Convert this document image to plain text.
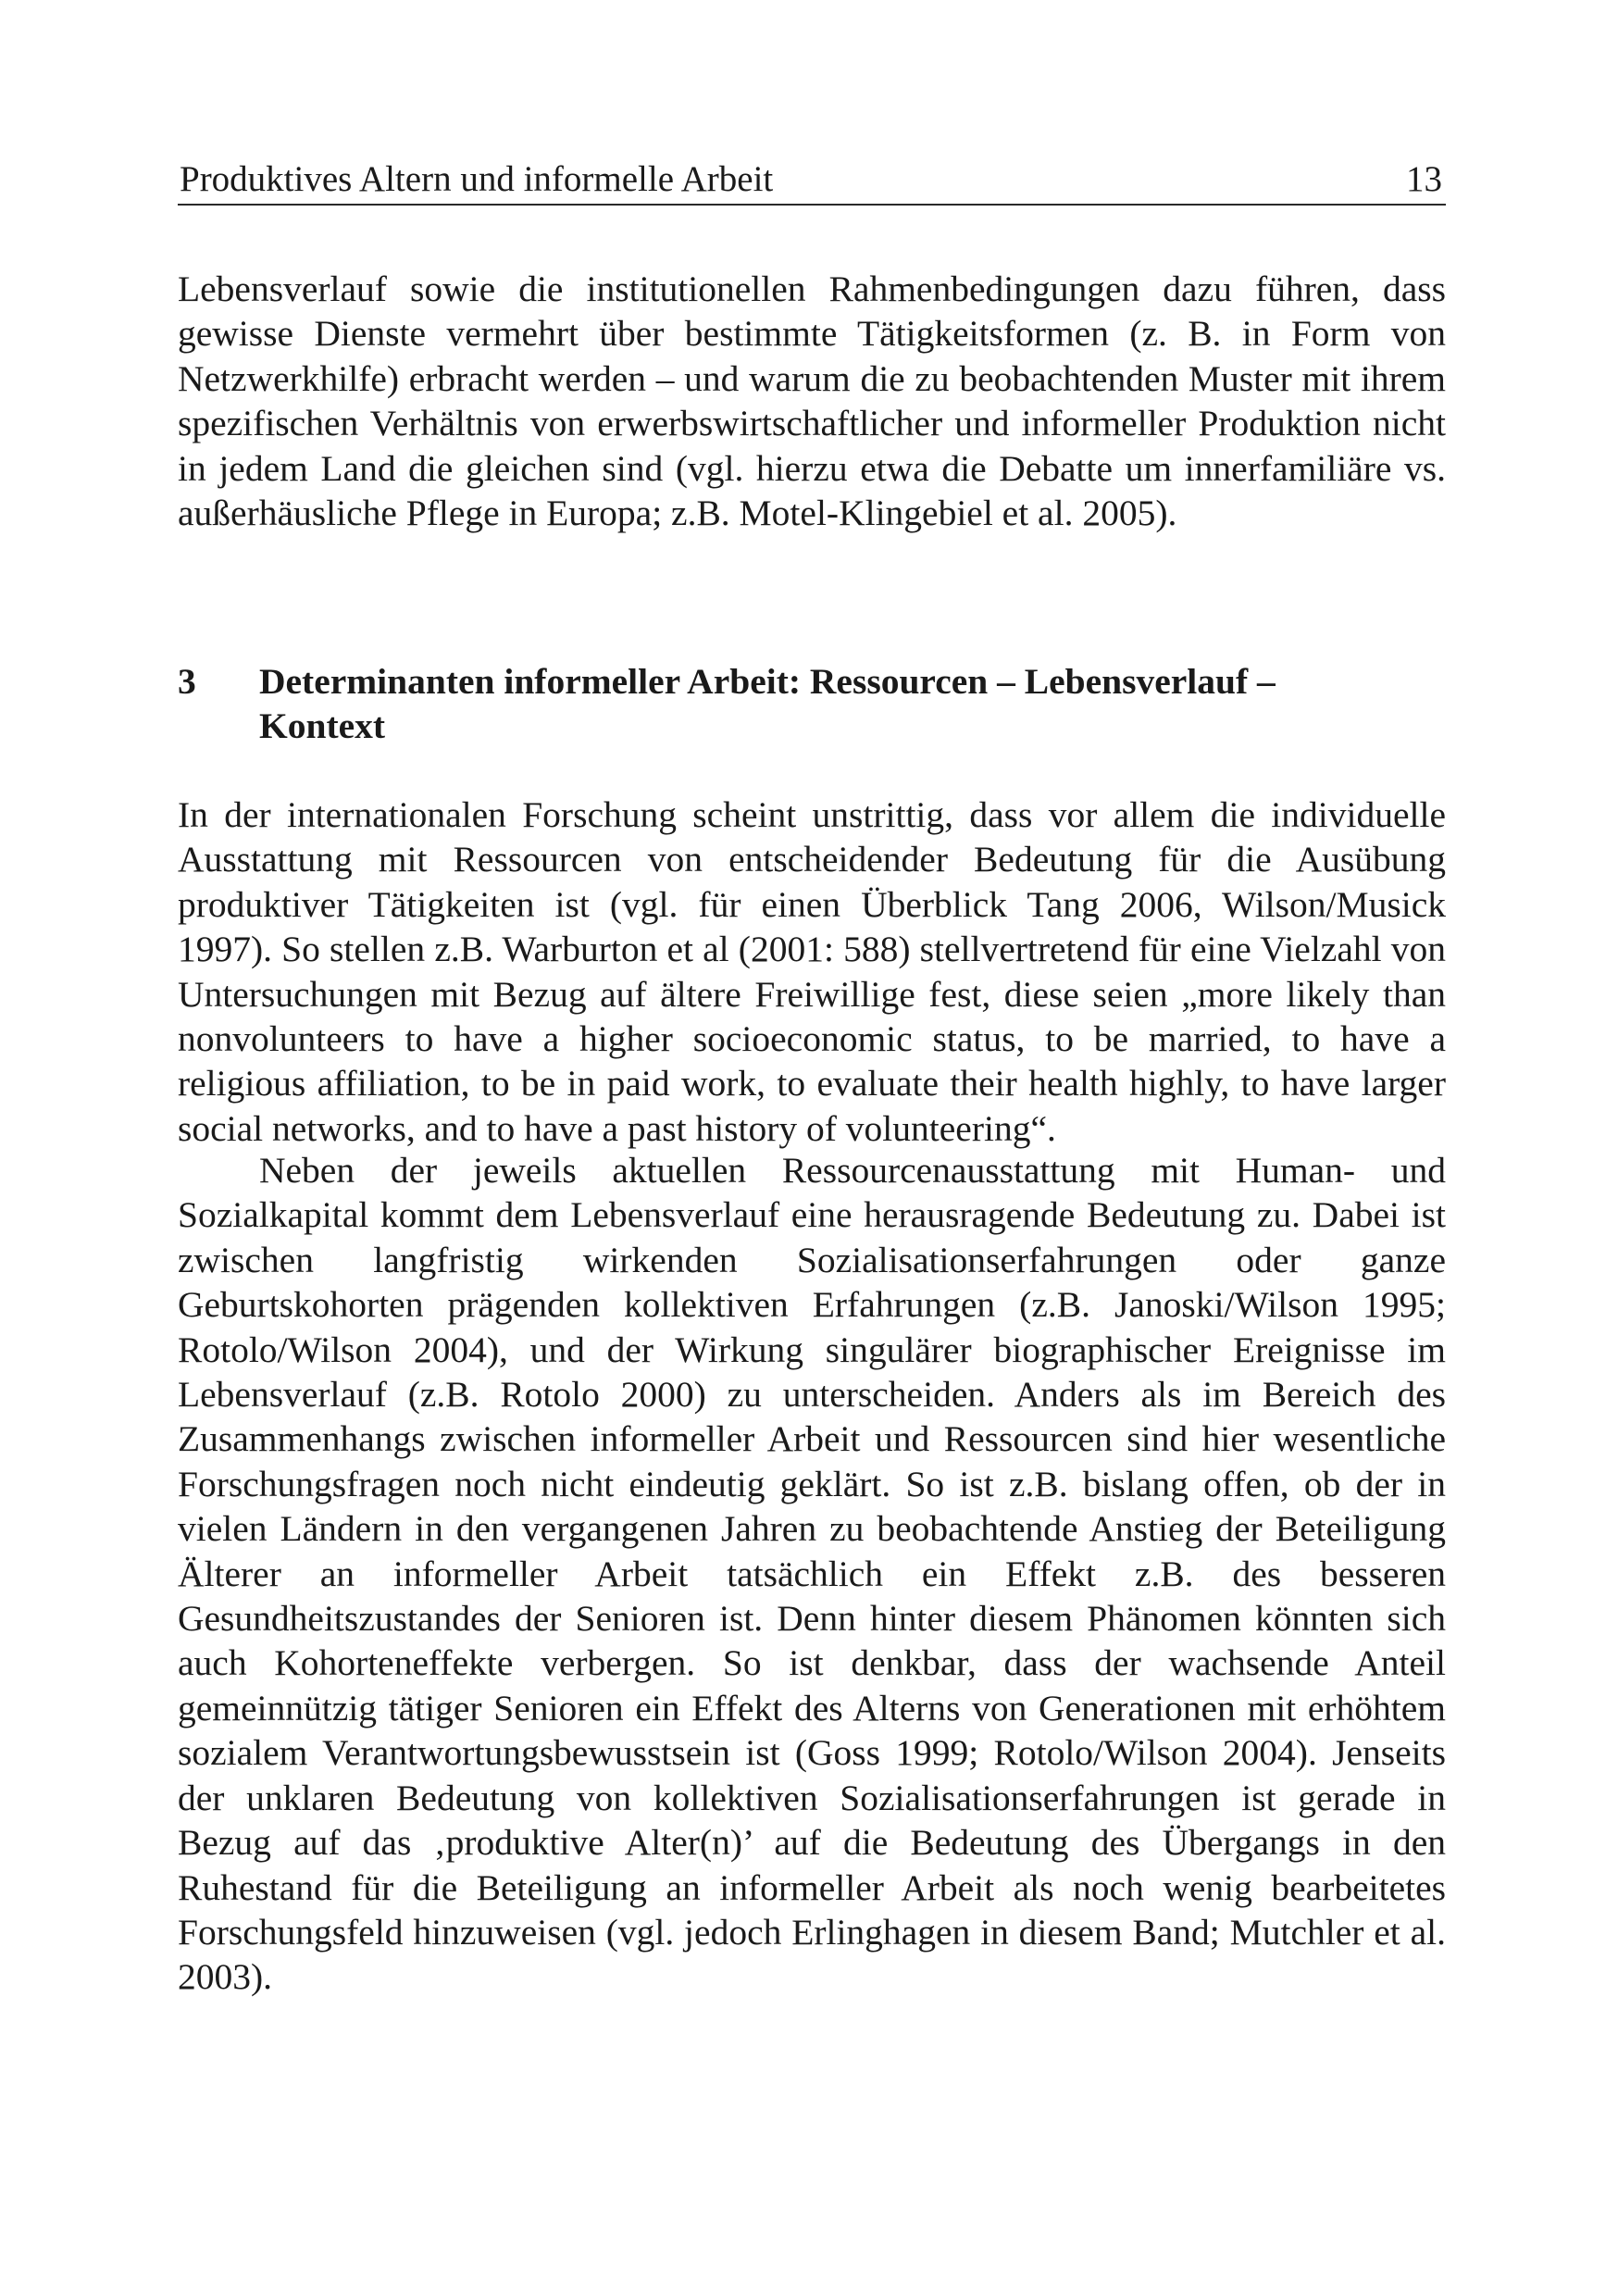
Produktives Altern und informelle Arbeit	13

Lebensverlauf sowie die institutionellen Rahmenbedingungen dazu führen, dass gewisse Dienste vermehrt über bestimmte Tätigkeitsformen (z. B. in Form von Netzwerkhilfe) erbracht werden – und warum die zu beobachtenden Muster mit ihrem spezifischen Verhältnis von erwerbswirtschaftlicher und informeller Produktion nicht in jedem Land die gleichen sind (vgl. hierzu etwa die Debatte um innerfamiliäre vs. außerhäusliche Pflege in Europa; z.B. Motel-Klingebiel et al. 2005).

3 Determinanten informeller Arbeit: Ressourcen – Lebensverlauf – Kontext

In der internationalen Forschung scheint unstrittig, dass vor allem die individuelle Ausstattung mit Ressourcen von entscheidender Bedeutung für die Ausübung produktiver Tätigkeiten ist (vgl. für einen Überblick Tang 2006, Wilson/Musick 1997). So stellen z.B. Warburton et al (2001: 588) stellvertretend für eine Vielzahl von Untersuchungen mit Bezug auf ältere Freiwillige fest, diese seien „more likely than nonvolunteers to have a higher socioeconomic status, to be married, to have a religious affiliation, to be in paid work, to evaluate their health highly, to have larger social networks, and to have a past history of volunteering“.

Neben der jeweils aktuellen Ressourcenausstattung mit Human- und Sozialkapital kommt dem Lebensverlauf eine herausragende Bedeutung zu. Dabei ist zwischen langfristig wirkenden Sozialisationserfahrungen oder ganze Geburtskohorten prägenden kollektiven Erfahrungen (z.B. Janoski/Wilson 1995; Rotolo/Wilson 2004), und der Wirkung singulärer biographischer Ereignisse im Lebensverlauf (z.B. Rotolo 2000) zu unterscheiden. Anders als im Bereich des Zusammenhangs zwischen informeller Arbeit und Ressourcen sind hier wesentliche Forschungsfragen noch nicht eindeutig geklärt. So ist z.B. bislang offen, ob der in vielen Ländern in den vergangenen Jahren zu beobachtende Anstieg der Beteiligung Älterer an informeller Arbeit tatsächlich ein Effekt z.B. des besseren Gesundheitszustandes der Senioren ist. Denn hinter diesem Phänomen könnten sich auch Kohorteneffekte verbergen. So ist denkbar, dass der wachsende Anteil gemeinnützig tätiger Senioren ein Effekt des Alterns von Generationen mit erhöhtem sozialem Verantwortungsbewusstsein ist (Goss 1999; Rotolo/Wilson 2004). Jenseits der unklaren Bedeutung von kollektiven Sozialisationserfahrungen ist gerade in Bezug auf das ‚produktive Alter(n)’ auf die Bedeutung des Übergangs in den Ruhestand für die Beteiligung an informeller Arbeit als noch wenig bearbeitetes Forschungsfeld hinzuweisen (vgl. jedoch Erlinghagen in diesem Band; Mutchler et al. 2003).
